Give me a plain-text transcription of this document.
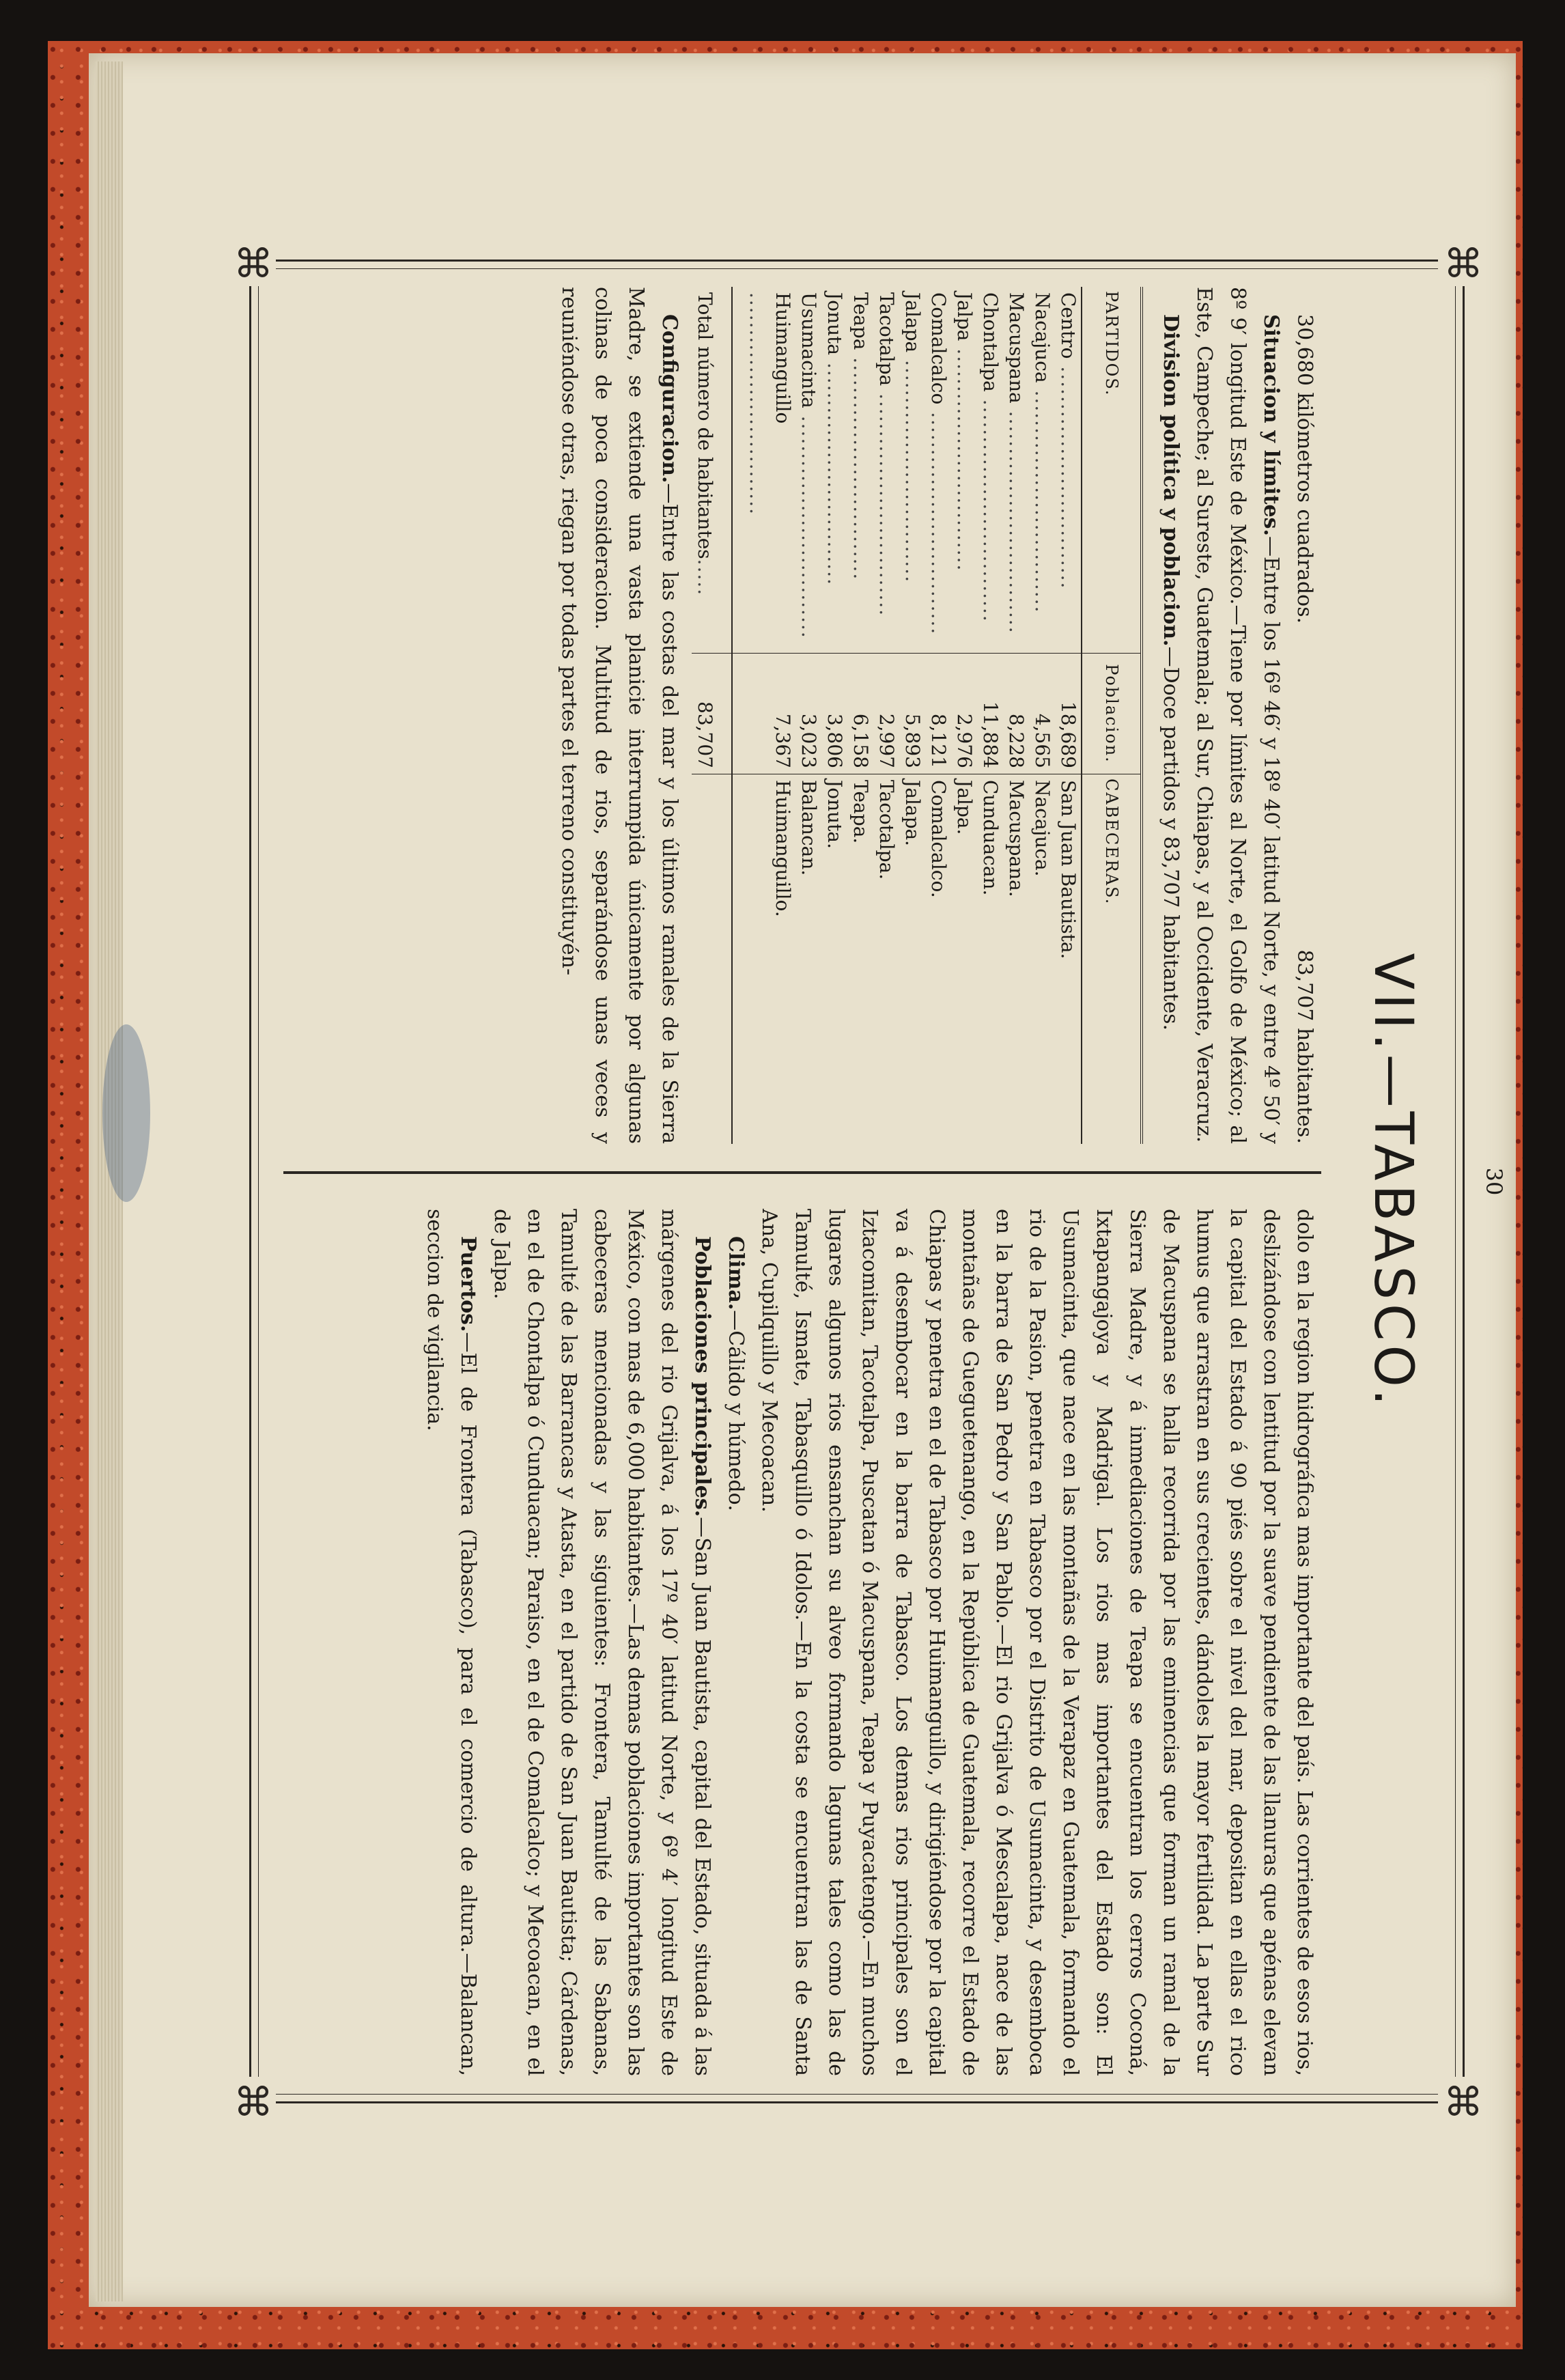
⌘
⌘
⌘
⌘
30
VII.—TABASCO.
30,680 kilómetros cuadrados.
83,707 habitantes.

Situacion y límites.—Entre los 16º 46′ y 18º 40′ latitud Norte, y entre 4º 50′ y 8º 9′ longitud Este de México.—Tiene por límites al Norte, el Golfo de México; al Este, Campeche; al Sureste, Guatemala; al Sur, Chiapas, y al Occidente, Veracruz.

Division política y poblacion.—Doce partidos y 83,707 habitantes.

PARTIDOS.	Poblacion.	CABECERAS.
Centro ..............................	18,689	San Juan Bautista.
Nacajuca ..............................	4,565	Nacajuca.
Macuspana ..............................	8,228	Macuspana.
Chontalpa ..............................	11,884	Cunduacan.
Jalpa ..............................	2,976	Jalpa.
Comalcalco ..............................	8,121	Comalcalco.
Jalapa ..............................	5,893	Jalapa.
Tacotalpa ..............................	2,997	Tacotalpa.
Teapa ..............................	6,158	Teapa.
Jonuta ..............................	3,806	Jonuta.
Usumacinta ..............................	3,023	Balancan.
Huimanguillo ..............................	7,367	Huimanguillo.
Total número de habitantes.....	83,707	

Configuracion.—Entre las costas del mar y los últimos ramales de la Sierra Madre, se extiende una vasta planicie interrumpida únicamente por algunas colinas de poca consideracion. Multitud de rios, separándose unas veces y reuniéndose otras, riegan por todas partes el terreno constituyén-

dolo en la region hidrográfica mas importante del país. Las corrientes de esos rios, deslizándose con lentitud por la suave pendiente de las llanuras que apénas elevan la capital del Estado á 90 piés sobre el nivel del mar, depositan en ellas el rico humus que arrastran en sus crecientes, dándoles la mayor fertilidad. La parte Sur de Macuspana se halla recorrida por las eminencias que forman un ramal de la Sierra Madre, y á inmediaciones de Teapa se encuentran los cerros Coconá, Ixtapangajoya y Madrigal. Los rios mas importantes del Estado son: El Usumacinta, que nace en las montañas de la Verapaz en Guatemala, formando el rio de la Pasion, penetra en Tabasco por el Distrito de Usumacinta, y desemboca en la barra de San Pedro y San Pablo.—El rio Grijalva ó Mescalapa, nace de las montañas de Gueguetenango, en la República de Guatemala, recorre el Estado de Chiapas y penetra en el de Tabasco por Huimanguillo, y dirigiéndose por la capital va á desembocar en la barra de Tabasco. Los demas rios principales son el Iztacomitan, Tacotalpa, Puscatan ó Macuspana, Teapa y Puyacatengo.—En muchos lugares algunos rios ensanchan su alveo formando lagunas tales como las de Tamulté, Ismate, Tabasquillo ó Idolos.—En la costa se encuentran las de Santa Ana, Cupilquillo y Mecoacan.

Clima.—Cálido y húmedo.

Poblaciones principales.—San Juan Bautista, capital del Estado, situada á las márgenes del rio Grijalva, á los 17º 40′ latitud Norte, y 6º 4′ longitud Este de México, con mas de 6,000 habitantes.—Las demas poblaciones importantes son las cabeceras mencionadas y las siguientes: Frontera, Tamulté de las Sabanas, Tamulté de las Barrancas y Atasta, en el partido de San Juan Bautista; Cárdenas, en el de Chontalpa ó Cunduacan; Paraiso, en el de Comalcalco; y Mecoacan, en el de Jalpa.

Puertos.—El de Frontera (Tabasco), para el comercio de altura.—Balancan, seccion de vigilancia.
